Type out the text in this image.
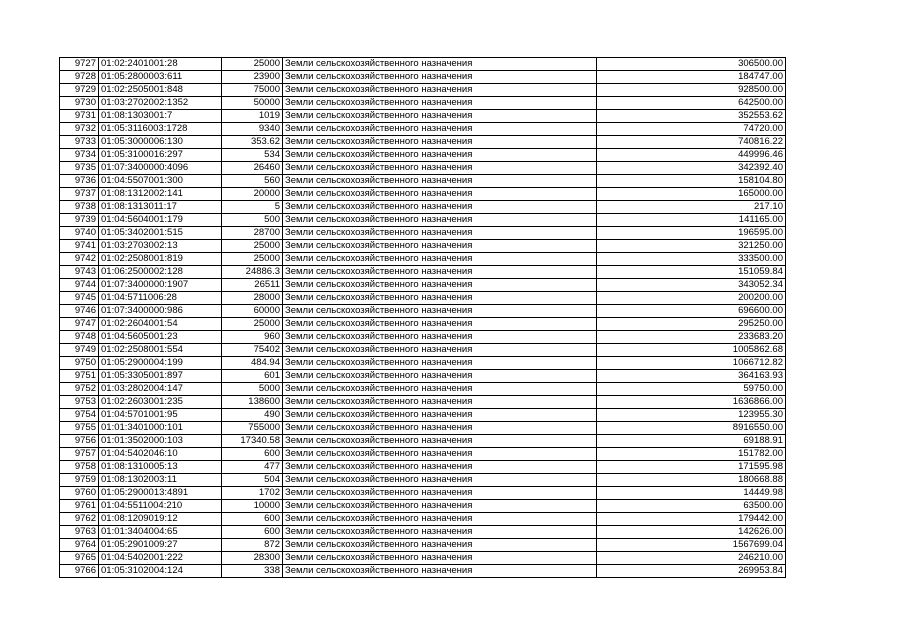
9727	01:02:2401001:28	25000	Земли сельскохозяйственного назначения	306500.00
9728	01:05:2800003:611	23900	Земли сельскохозяйственного назначения	184747.00
9729	01:02:2505001:848	75000	Земли сельскохозяйственного назначения	928500.00
9730	01:03:2702002:1352	50000	Земли сельскохозяйственного назначения	642500.00
9731	01:08:1303001:7	1019	Земли сельскохозяйственного назначения	352553.62
9732	01:05:3116003:1728	9340	Земли сельскохозяйственного назначения	74720.00
9733	01:05:3000006:130	353.62	Земли сельскохозяйственного назначения	740816.22
9734	01:05:3100016:297	534	Земли сельскохозяйственного назначения	449996.46
9735	01:07:3400000:4096	26460	Земли сельскохозяйственного назначения	342392.40
9736	01:04:5507001:300	560	Земли сельскохозяйственного назначения	158104.80
9737	01:08:1312002:141	20000	Земли сельскохозяйственного назначения	165000.00
9738	01:08:1313011:17	5	Земли сельскохозяйственного назначения	217.10
9739	01:04:5604001:179	500	Земли сельскохозяйственного назначения	141165.00
9740	01:05:3402001:515	28700	Земли сельскохозяйственного назначения	196595.00
9741	01:03:2703002:13	25000	Земли сельскохозяйственного назначения	321250.00
9742	01:02:2508001:819	25000	Земли сельскохозяйственного назначения	333500.00
9743	01:06:2500002:128	24886.3	Земли сельскохозяйственного назначения	151059.84
9744	01:07:3400000:1907	26511	Земли сельскохозяйственного назначения	343052.34
9745	01:04:5711006:28	28000	Земли сельскохозяйственного назначения	200200.00
9746	01:07:3400000:986	60000	Земли сельскохозяйственного назначения	696600.00
9747	01:02:2604001:54	25000	Земли сельскохозяйственного назначения	295250.00
9748	01:04:5605001:23	960	Земли сельскохозяйственного назначения	233683.20
9749	01:02:2508001:554	75402	Земли сельскохозяйственного назначения	1005862.68
9750	01:05:2900004:199	484.94	Земли сельскохозяйственного назначения	1066712.82
9751	01:05:3305001:897	601	Земли сельскохозяйственного назначения	364163.93
9752	01:03:2802004:147	5000	Земли сельскохозяйственного назначения	59750.00
9753	01:02:2603001:235	138600	Земли сельскохозяйственного назначения	1636866.00
9754	01:04:5701001:95	490	Земли сельскохозяйственного назначения	123955.30
9755	01:01:3401000:101	755000	Земли сельскохозяйственного назначения	8916550.00
9756	01:01:3502000:103	17340.58	Земли сельскохозяйственного назначения	69188.91
9757	01:04:5402046:10	600	Земли сельскохозяйственного назначения	151782.00
9758	01:08:1310005:13	477	Земли сельскохозяйственного назначения	171595.98
9759	01:08:1302003:11	504	Земли сельскохозяйственного назначения	180668.88
9760	01:05:2900013:4891	1702	Земли сельскохозяйственного назначения	14449.98
9761	01:04:5511004:210	10000	Земли сельскохозяйственного назначения	63500.00
9762	01:08:1209019:12	600	Земли сельскохозяйственного назначения	179442.00
9763	01:01:3404004:65	600	Земли сельскохозяйственного назначения	142626.00
9764	01:05:2901009:27	872	Земли сельскохозяйственного назначения	1567699.04
9765	01:04:5402001:222	28300	Земли сельскохозяйственного назначения	246210.00
9766	01:05:3102004:124	338	Земли сельскохозяйственного назначения	269953.84
